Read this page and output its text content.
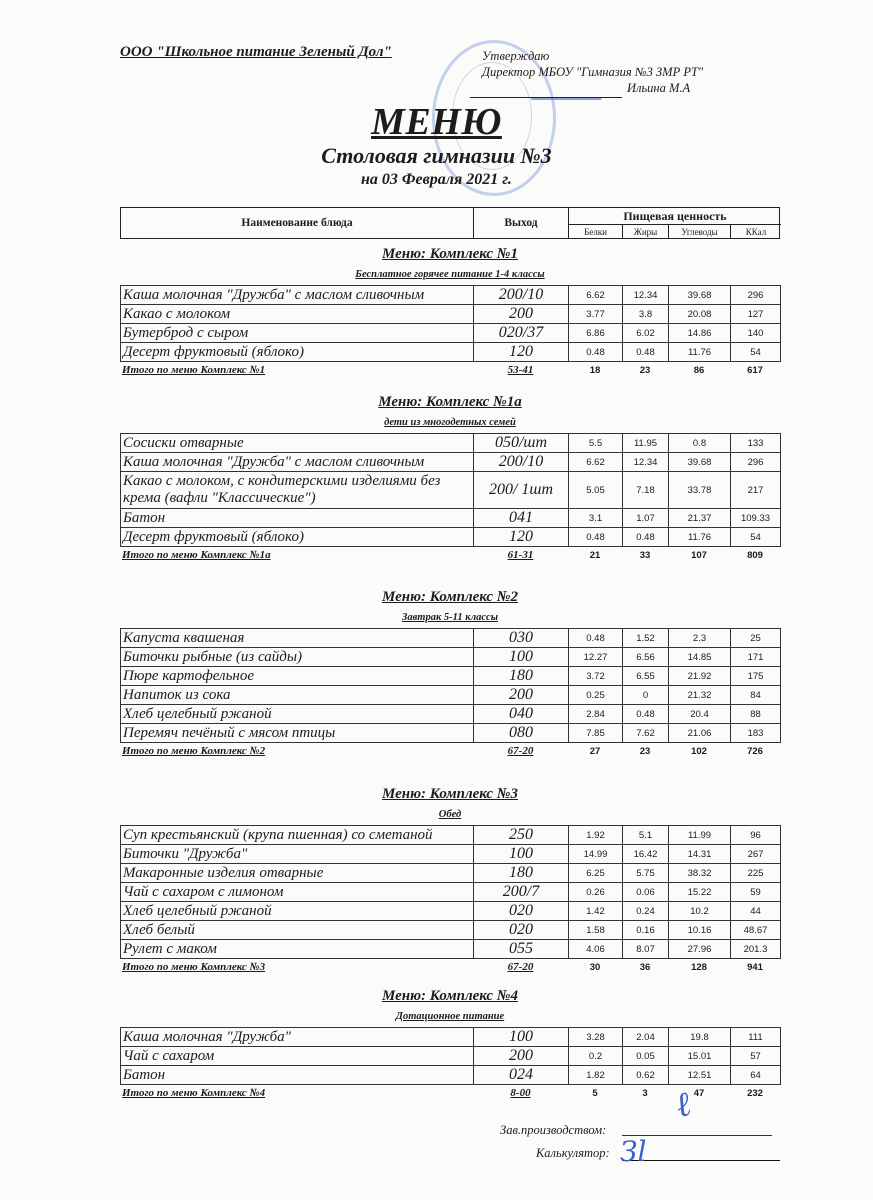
ООО "Школьное питание Зеленый Дол"	Утверждаю
Директор МБОУ "Гимназия №3 ЗМР РТ"
Ильина М.А
МЕНЮ
Столовая гимназии №3
на 03 Февраля 2021 г.
Наименование блюда	Выход
Пищевая ценность
Белки	Жиры	Углеводы	ККал
Меню: Комплекс №1
Бесплатное горячее питание 1-4 классы
Каша молочная "Дружба" с маслом сливочным	200/10	6.62	12.34	39.68	296
Какао с молоком	200	3.77	3.8	20.08	127
Бутерброд с сыром	020/37	6.86	6.02	14.86	140
Десерт фруктовый (яблоко)	120	0.48	0.48	11.76	54
Итого по меню Комплекс №1	53-41	18	23	86	617
Меню: Комплекс №1а
дети из многодетных семей
Сосиски отварные	050/шт	5.5	11.95	0.8	133
Каша молочная "Дружба" с маслом сливочным	200/10	6.62	12.34	39.68	296
Какао с молоком, с кондитерскими изделиями без крема (вафли "Классические")	200/ 1шт	5.05	7.18	33.78	217
Батон	041	3.1	1.07	21.37	109.33
Десерт фруктовый (яблоко)	120	0.48	0.48	11.76	54
Итого по меню Комплекс №1а	61-31	21	33	107	809
Меню: Комплекс №2
Завтрак 5-11 классы
Капуста квашеная	030	0.48	1.52	2.3	25
Биточки рыбные (из сайды)	100	12.27	6.56	14.85	171
Пюре картофельное	180	3.72	6.55	21.92	175
Напиток из сока	200	0.25	0	21.32	84
Хлеб целебный ржаной	040	2.84	0.48	20.4	88
Перемяч печёный с мясом птицы	080	7.85	7.62	21.06	183
Итого по меню Комплекс №2	67-20	27	23	102	726
Меню: Комплекс №3
Обед
Суп крестьянский (крупа пшенная) со сметаной	250	1.92	5.1	11.99	96
Биточки "Дружба"	100	14.99	16.42	14.31	267
Макаронные изделия отварные	180	6.25	5.75	38.32	225
Чай с сахаром с лимоном	200/7	0.26	0.06	15.22	59
Хлеб целебный ржаной	020	1.42	0.24	10.2	44
Хлеб белый	020	1.58	0.16	10.16	48.67
Рулет с маком	055	4.06	8.07	27.96	201.3
Итого по меню Комплекс №3	67-20	30	36	128	941
Меню: Комплекс №4
Дотационное питание
Каша молочная "Дружба"	100	3.28	2.04	19.8	111
Чай с сахаром	200	0.2	0.05	15.01	57
Батон	024	1.82	0.62	12.51	64
Итого по меню Комплекс №4	8-00	5	3	47	232
Зав.производством:
Калькулятор:
ℓ
Зl
